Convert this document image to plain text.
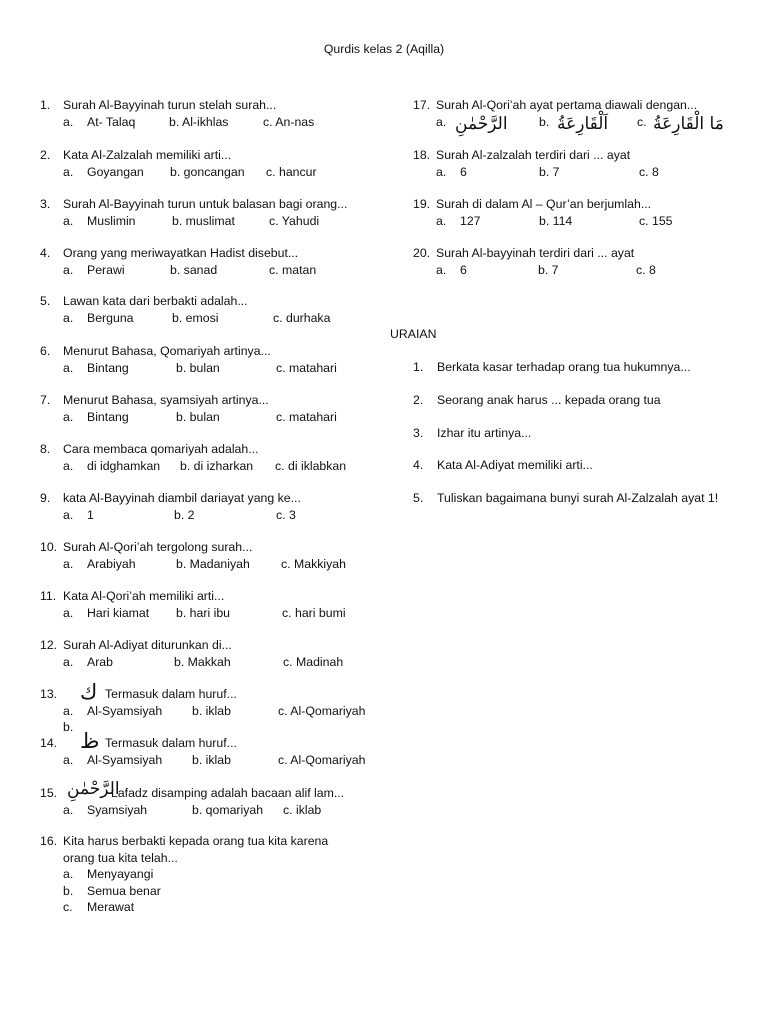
Qurdis kelas 2 (Aqilla)
1. Surah Al-Bayyinah turun stelah surah...
a. At- Talaq	b. Al-ikhlas	c. An-nas
2. Kata Al-Zalzalah memiliki arti...
a. Goyangan b. goncangan c. hancur
3. Surah Al-Bayyinah turun untuk balasan bagi orang...
a. Muslimin	b. muslimat	c. Yahudi
4. Orang yang meriwayatkan Hadist disebut...
a. Perawi	b. sanad	c. matan
5. Lawan kata dari berbakti adalah...
a. Berguna	b. emosi	c. durhaka
6. Menurut Bahasa, Qomariyah artinya...
a. Bintang	b. bulan	c. matahari
7. Menurut Bahasa, syamsiyah artinya...
a. Bintang	b. bulan	c. matahari
8. Cara membaca qomariyah adalah...
a. di idghamkan b. di izharkan c. di iklabkan
9. kata Al-Bayyinah diambil dariayat yang ke...
a. 1	b. 2	c. 3
10. Surah Al-Qori’ah tergolong surah...
a. Arabiyah	b. Madaniyah	c. Makkiyah
11. Kata Al-Qori’ah memiliki arti...
a. Hari kiamat b. hari ibu	c. hari bumi
12. Surah Al-Adiyat diturunkan di...
a. Arab	b. Makkah	c. Madinah
13. ك Termasuk dalam huruf...
a. Al-Syamsiyah b. iklab	c. Al-Qomariyah
b.
14. ظ Termasuk dalam huruf...
a. Al-Syamsiyah b. iklab	c. Al-Qomariyah
15. الرَّحْمٰنِ
Lafadz disamping adalah bacaan alif lam...
a. Syamsiyah	b. qomariyah c. iklab
16. Kita harus berbakti kepada orang tua kita karena
orang tua kita telah...
a. Menyayangi
b. Semua benar
c. Merawat
17. Surah Al-Qori’ah ayat pertama diawali dengan...
a. الرَّحْمٰنِ	b. اَلْقَارِعَةُ c. مَا الْقَارِعَةُ
18. Surah Al-zalzalah terdiri dari ... ayat
a. 6	b. 7	c. 8
19. Surah di dalam Al – Qur’an berjumlah...
a. 127	b. 114	c. 155
20. Surah Al-bayyinah terdiri dari ... ayat
a. 6	b. 7	c. 8
URAIAN
1. Berkata kasar terhadap orang tua hukumnya...
2. Seorang anak harus ... kepada orang tua
3. Izhar itu artinya...
4. Kata Al-Adiyat memiliki arti...
5. Tuliskan bagaimana bunyi surah Al-Zalzalah ayat 1!
